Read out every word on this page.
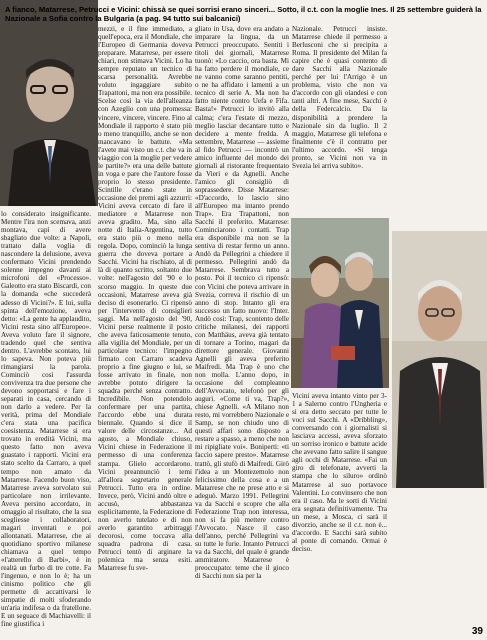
A fianco, Matarrese, Petrucci e Vicini: chissà se quei sorrisi erano sinceri... Sotto, il c.t. con la moglie Ines. Il 25 settembre guiderà la Nazionale a Sofia contro la Bulgaria (a pag. 94 tutto sui balcanici)
lo considerato insignificante. Mentre l'ira non scemava, anzi montava, capì di avere sbagliato due volte: a Napoli, trattato dalla voglia di nascondere la delusione, aveva confermato Vicini prendendo solenne impegno davanti ai microfoni del «Processo». Galeotto era stato Biscardi, con la domanda «che succederà adesso di Vicini?». E lui, sulla spinta dell'emozione, aveva detto: «La gente ha applaudito, Vicini resta sino all'Europeo». Aveva voluto fare il signore, tradendo quel che sentiva dentro. L'avrebbe scontato, lui lo sapeva. Non poteva più rimangiarsi la parola. Cominciò così l'assurda convivenza tra due persone che devono sopportarsi e fare i separati in casa, cercando di non darlo a vedere. Per la verità, prima del Mondiale c'era stata una pacifica coesistenza. Matarrese si era trovato in eredità Vicini, ma questo fatto non aveva guastato i rapporti. Vicini era stato scelto da Carraro, a quel tempo non amato da Matarrese. Facendo buon viso, Matarrese aveva sorvolato sui particolare non irrilevante. Aveva persino accordato, in omaggio al risultato, che la sua scegliesse i collaboratori, magari inventati e poi allontanati. Matarrese, che ai quotidiano sportivo milanese chiamava a quel tempo «l'atterello di Barbi», è in realtà un furbo di tre cotte. Fa l'ingenuo, e non lo è; ha un cinismo politico che gli permette di accattivarsi le simpatie di molti sfoderando un'aria indifesa o da fratellone. E un seguace di Machiavelli: il fine giustifica i
mezzi, e il fine immediato, a quell'epoca, era il Mondiale, che l'Europeo di Germania doveva preparare. Matarrese, per essere chiari, non stimava Vicini. Lo ha sempre reputato un tecnico di scarsa personalità. Avrebbe voluto ingaggiare subito Trapattoni, ma non era possibile. Scelse così la via dell'alleanza con Azeglio con una promessa: vincere, vincere, vincere. Fino al Mondiale il rapporto è stato più o meno tranquillo, anche se non mancavano le battute. «Ma l'avete mai visto un c.t. che va in viaggio con la moglie per vedere le partite?» era una delle battute in voga e pare che l'autore fosse proprio lo stesso presidente. Scintille c'erano state in occasione dei premi agli azzurri: Vicini aveva cercato di fare il mediatore e Matarrese non aveva gradito. Ma, sino alla notte di Italia-Argentina, tutto era stato più o meno nella regola. Dopo, cominciò la lunga guerra che doveva portare a Sacchi. Vicini ha rischiato, al di là di quanto scritto, soltanto due volte: nell'agosto del '90 e lo scorso maggio. In queste due occasioni, Matarrese aveva già deciso di esonerarlo. Ci ripensò per l'intervento di consiglieri saggi. Ma nell'agosto del '90, Vicini perse realmente il posto che aveva faticosamente tenuto, alla vigilia del Mondiale, per un particolare tecnico: l'impegno firmato con Carraro scadeva proprio a fine giugno e lui, se fosse arrivato in finale, non avrebbe potuto dirigere la squadra perché senza contratto. Incredibile. Non potendolo confermare per una partita, l'accordo ebbe una durata biennale. Quando si dice il valore delle circostanze... Ad agosto, a Mondiale chiuso, Vicini chiese in Federazione il permesso di una conferenza stampa. Glielo accordarono. Vicini preannunciò i temi all'allora segretario generale Petrucci. Tutto era in ordine. Invece, però, Vicini andò oltre e accusò, abbastanza esplicitamente, la Federazione di non averlo tutelato e di non averlo garantito arbitraggi decorosi, come toccava alla squadra padrona di casa. Petrucci tentò di arginare la polemica ma senza esiti. Matarrese fu sve-
gliato in Usa, dove era andato a imparare la lingua, da un Petrucci preoccupato. Sentiti i titoli dei giornali, Matarrese tuonò: «Lo caccio, ora basta. Mi ha fatto perdere il mondiale, ce ne vanno come saranno pentiti, o ne ha affidato i lamenti a un tecnico di serie A. Ma non ha fatto niente contro Uefa e Fifa. Basta!» Petrucci lo invitò alla calma; c'era l'estate di mezzo, meglio lasciar decantare tutto e decidere a mente fredda. A settembre, Matarrese — assieme al fido Petrucci — incontrò un amico influente del mondo dei giornali al ristorante frequentato da Vieri e da Agnelli. Anche l'amico gli consigliò di soprassedere. Disse Matarrese: «D'accordo, lo lascio sino all'Europeo ma intanto prendo Trap». Era Trapattoni, non Sacchi il preferito. Matarrese: Cominciarono i contatti. Trap era disponibile ma non se la sentiva di restar fermo un anno. Andò da Pellegrini a chiedere il permesso. Pellegrini andò da Matarrese. Sembrava tutto a posto. Poi il tecnico ci ripensò: con Vicini che poteva arrivare in Svezia, correva il rischio di un anno di stop. Intanto gli era successo un fatto nuovo: l'Inter. Andò così: Trap, scontento delle critiche milanesi, dei rapporti con Matthäus, aveva già tentato di tornare a Torino, magari da direttore generale. Giovanni Agnelli gli aveva preferito Maifredi. Ma Trap è uno che non molla. L'anno dopo, in occasione del compleanno dell'Avvocato, telefonò per gli auguri. «Come ti va, Trap?», chiese Agnelli. «A Milano non resto, mi vorrebbero Nazionale e Samp, se non chiudo uno di questi affari sono disposto a restare a spasso, a meno che non mi ripigliate voi». Boniperti: «ti faccio sapere presto». Matarrese trattò, gli stufò di Maifredi. Girò l'idea a un Montezemolo non felicissimo della cosa e a un Matarrese che ne prese atto e si adeguò. Marzo 1991. Pellegrini va da Sacchi e scopre che alla Federazione Trap non interessa, non si fa più mettere contro l'Avvocato. Nasce il caso dell'anno, perché Pellegrini va su tutte le furie. Intanto Petrucci va da Sacchi, del quale è grande ammiratore. Matarrese è preoccupato: teme che il gioco di Sacchi non sia per la
Nazionale. Petrucci insiste. Matarrese chiede il permesso a Berlusconi che si precipita a Roma. Il presidente del Milan fa capire che è quasi contento di dare Sacchi alla Nazionale perché per lui l'Arrigo è un problema, visto che non va d'accordo con gli olandesi e con tanti altri. A fine mese, Sacchi è della Federcalcio. Da la disponibilità a prendere la Nazionale sin da luglio. Il 2 maggio, Matarrese gli telefona e finalmente c'è il contratto per l'ultimo accordo. «Si tenga pronto, se Vicini non va in Svezia lei arriva subito».
Vicini aveva intanto vinto per 3-1 a Salerno contro l'Ungheria e si era detto seccato per tutte le voci sul Sacchi. A «Dribbling», conversando con i giornalisti si lasciava accessi, aveva sforzato un sorriso ironico e battute acide che avevano fatto salire il sangue agli occhi di Matarrese. «Fai un giro di telefonate, avverti la stampa che lo siluro» ordinò Matarrese al suo portavoce Valentini. Lo convinsero che non era il caso. Ma le sorti di Vicini era segnata definitivamente. Tra un mese, a Mosca, ci sarà il divorzio, anche se il c.t. non è... d'accordo. E Sacchi sarà subito al ponte di comando. Ormai è deciso.
39
